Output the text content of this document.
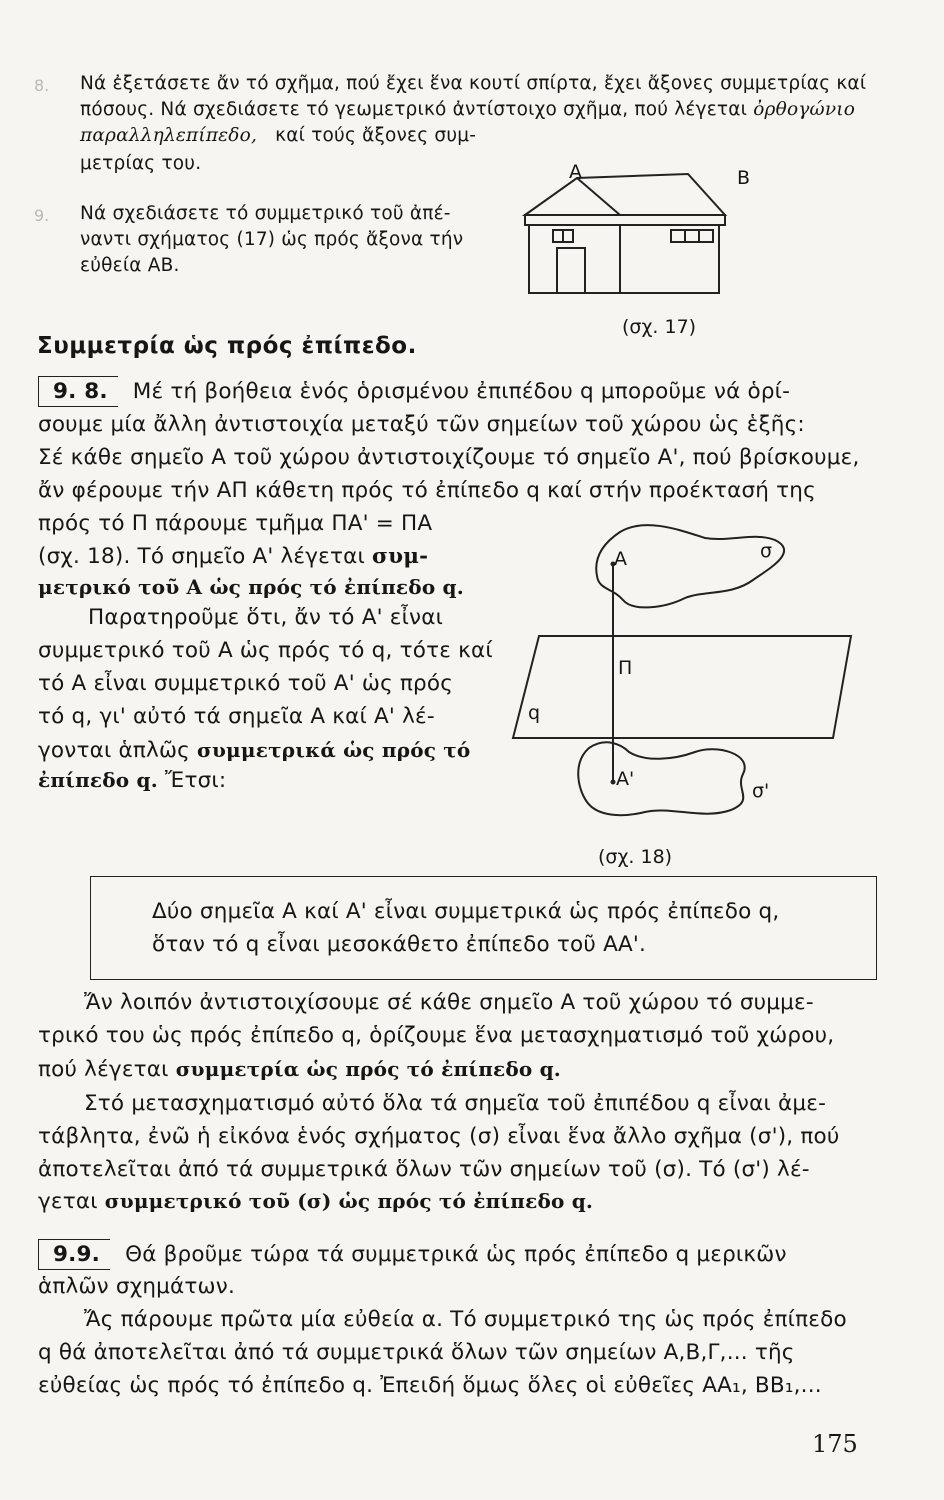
8. Νά ἐξετάσετε ἄν τό σχῆμα, πού ἔχει ἕνα κουτί σπίρτα, ἔχει ἄξονες συμμετρίας καί
πόσους. Νά σχεδιάσετε τό γεωμετρικό ἀντίστοιχο σχῆμα, πού λέγεται ὀρθογώνιο
παραλληλεπίπεδο, καί τούς ἄξονες συμ-
μετρίας του.
9. Νά σχεδιάσετε τό συμμετρικό τοῦ ἀπέ-
ναντι σχήματος (17) ὡς πρός ἄξονα τήν
εὐθεία ΑΒ.
A	B
(σχ. 17)
Συμμετρία ὡς πρός ἐπίπεδο.
9. 8. Μέ τή βοήθεια ἑνός ὁρισμένου ἐπιπέδου q μποροῦμε νά ὁρί-
σουμε μία ἄλλη ἀντιστοιχία μεταξύ τῶν σημείων τοῦ χώρου ὡς ἑξῆς:
Σέ κάθε σημεῖο Α τοῦ χώρου ἀντιστοιχίζουμε τό σημεῖο Α', πού βρίσκουμε,
ἄν φέρουμε τήν ΑΠ κάθετη πρός τό ἐπίπεδο q καί στήν προέκτασή της
πρός τό Π πάρουμε τμῆμα ΠΑ' = ΠΑ
(σχ. 18). Τό σημεῖο Α' λέγεται συμ-
μετρικό τοῦ Α ὡς πρός τό ἐπίπεδο q.
Παρατηροῦμε ὅτι, ἄν τό Α' εἶναι
συμμετρικό τοῦ Α ὡς πρός τό q, τότε καί
τό Α εἶναι συμμετρικό τοῦ Α' ὡς πρός
τό q, γι' αὐτό τά σημεῖα Α καί Α' λέ-
γονται ἁπλῶς συμμετρικά ὡς πρός τό
ἐπίπεδο q. Ἔτσι:
A	σ
Π
q
A'
σ'
(σχ. 18)
Δύο σημεῖα Α καί Α' εἶναι συμμετρικά ὡς πρός ἐπίπεδο q,
ὅταν τό q εἶναι μεσοκάθετο ἐπίπεδο τοῦ ΑΑ'.
Ἄν λοιπόν ἀντιστοιχίσουμε σέ κάθε σημεῖο Α τοῦ χώρου τό συμμε-
τρικό του ὡς πρός ἐπίπεδο q, ὁρίζουμε ἕνα μετασχηματισμό τοῦ χώρου,
πού λέγεται συμμετρία ὡς πρός τό ἐπίπεδο q.
Στό μετασχηματισμό αὐτό ὅλα τά σημεῖα τοῦ ἐπιπέδου q εἶναι ἀμε-
τάβλητα, ἐνῶ ἡ εἰκόνα ἑνός σχήματος (σ) εἶναι ἕνα ἄλλο σχῆμα (σ'), πού
ἀποτελεῖται ἀπό τά συμμετρικά ὅλων τῶν σημείων τοῦ (σ). Τό (σ') λέ-
γεται συμμετρικό τοῦ (σ) ὡς πρός τό ἐπίπεδο q.
9.9. Θά βροῦμε τώρα τά συμμετρικά ὡς πρός ἐπίπεδο q μερικῶν
ἁπλῶν σχημάτων.
Ἄς πάρουμε πρῶτα μία εὐθεία α. Τό συμμετρικό της ὡς πρός ἐπίπεδο
q θά ἀποτελεῖται ἀπό τά συμμετρικά ὅλων τῶν σημείων Α,Β,Γ,... τῆς
εὐθείας ὡς πρός τό ἐπίπεδο q. Ἐπειδή ὅμως ὅλες οἱ εὐθεῖες ΑΑ₁, ΒΒ₁,...
175
